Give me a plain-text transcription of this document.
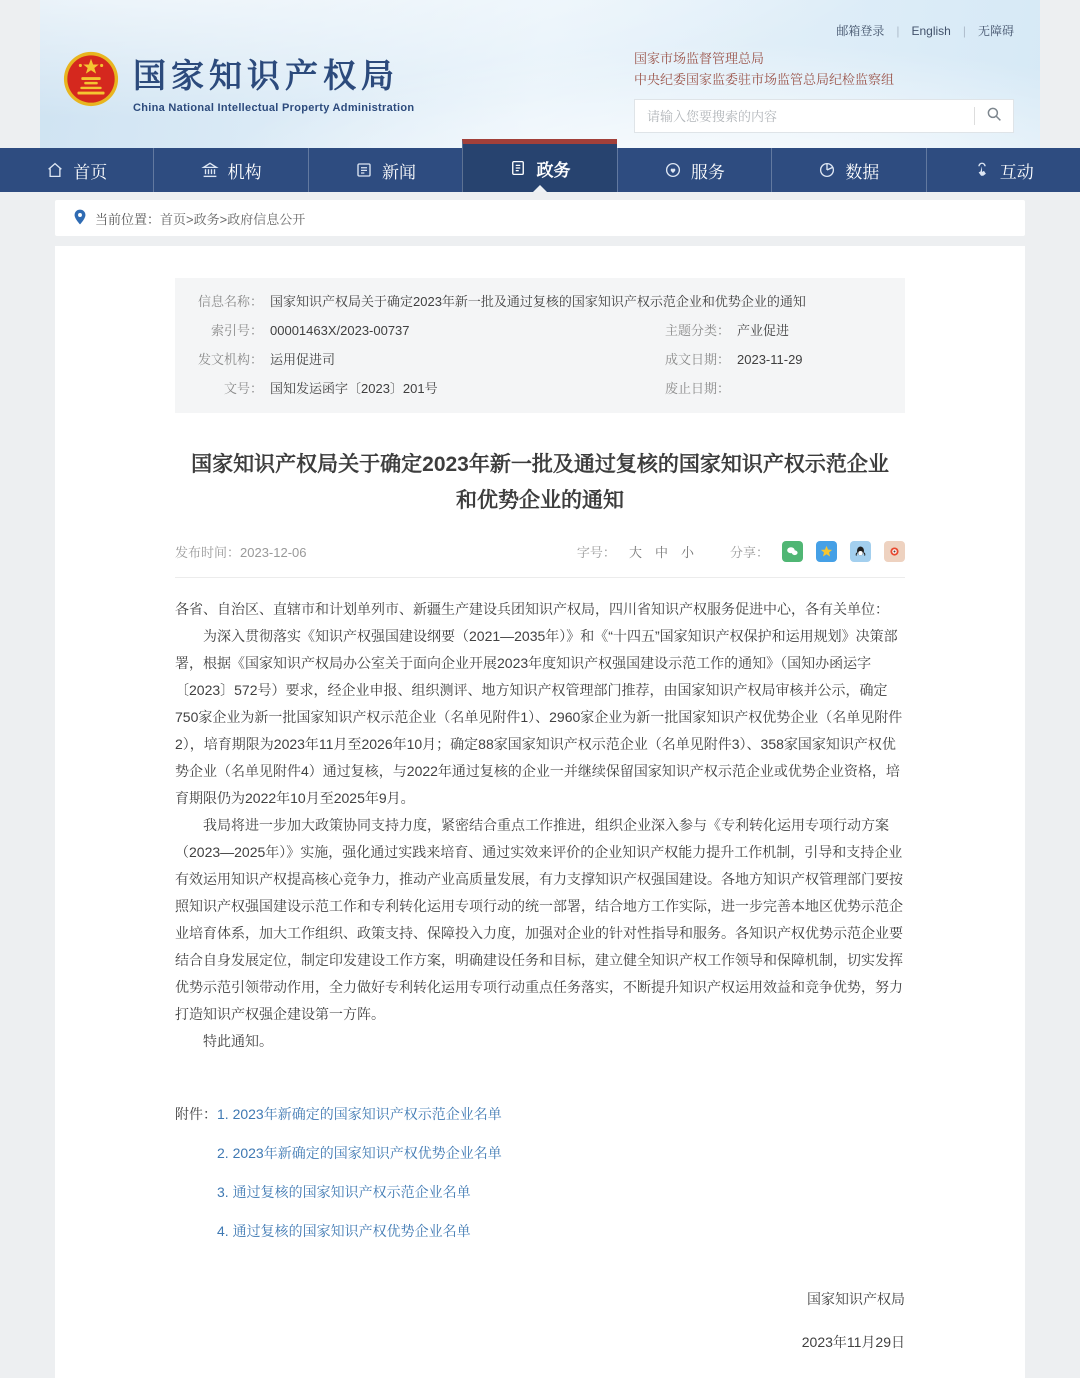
国家知识产权局
China National Intellectual Property Administration
邮箱登录 | English | 无障碍
国家市场监督管理总局
中央纪委国家监委驻市场监管总局纪检监察组
请输入您要搜索的内容
首页	机构	新闻	政务	服务	数据	互动
当前位置： 首页>政务>政府信息公开
信息名称： 国家知识产权局关于确定2023年新一批及通过复核的国家知识产权示范企业和优势企业的通知
索引号： 00001463X/2023-00737	主题分类： 产业促进
发文机构： 运用促进司	成文日期： 2023-11-29
文号： 国知发运函字〔2023〕201号	废止日期：
国家知识产权局关于确定2023年新一批及通过复核的国家知识产权示范企业
和优势企业的通知
发布时间：2023-12-06	字号： 大 中 小	分享：

各省、自治区、直辖市和计划单列市、新疆生产建设兵团知识产权局，四川省知识产权服务促进中心，各有关单位：

为深入贯彻落实《知识产权强国建设纲要（2021—2035年）》和《“十四五”国家知识产权保护和运用规划》决策部署，根据《国家知识产权局办公室关于面向企业开展2023年度知识产权强国建设示范工作的通知》（国知办函运字〔2023〕572号）要求，经企业申报、组织测评、地方知识产权管理部门推荐，由国家知识产权局审核并公示，确定750家企业为新一批国家知识产权示范企业（名单见附件1）、2960家企业为新一批国家知识产权优势企业（名单见附件2），培育期限为2023年11月至2026年10月；确定88家国家知识产权示范企业（名单见附件3）、358家国家知识产权优势企业（名单见附件4）通过复核，与2022年通过复核的企业一并继续保留国家知识产权示范企业或优势企业资格，培育期限仍为2022年10月至2025年9月。

我局将进一步加大政策协同支持力度，紧密结合重点工作推进，组织企业深入参与《专利转化运用专项行动方案（2023—2025年）》实施，强化通过实践来培育、通过实效来评价的企业知识产权能力提升工作机制，引导和支持企业有效运用知识产权提高核心竞争力，推动产业高质量发展，有力支撑知识产权强国建设。各地方知识产权管理部门要按照知识产权强国建设示范工作和专利转化运用专项行动的统一部署，结合地方工作实际，进一步完善本地区优势示范企业培育体系，加大工作组织、政策支持、保障投入力度，加强对企业的针对性指导和服务。各知识产权优势示范企业要结合自身发展定位，制定印发建设工作方案，明确建设任务和目标，建立健全知识产权工作领导和保障机制，切实发挥优势示范引领带动作用，全力做好专利转化运用专项行动重点任务落实，不断提升知识产权运用效益和竞争优势，努力打造知识产权强企建设第一方阵。

特此通知。

附件： 1. 2023年新确定的国家知识产权示范企业名单
2. 2023年新确定的国家知识产权优势企业名单
3. 通过复核的国家知识产权示范企业名单
4. 通过复核的国家知识产权优势企业名单
国家知识产权局
2023年11月29日
